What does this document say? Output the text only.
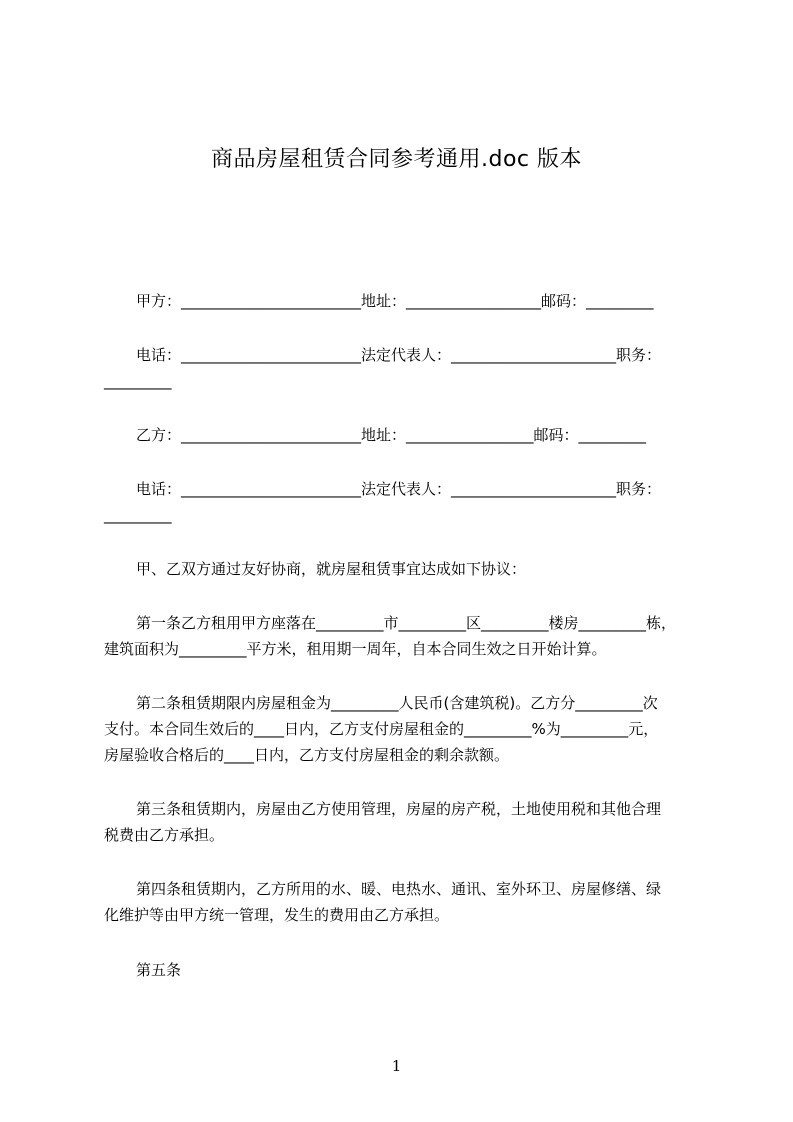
商品房屋租赁合同参考通用.doc 版本
甲方：________________________地址：__________________邮码：_________
电话：________________________法定代表人：______________________职务：
_________
乙方：________________________地址：_________________邮码：_________
电话：________________________法定代表人：______________________职务：
_________
甲、乙双方通过友好协商，就房屋租赁事宜达成如下协议：
第一条乙方租用甲方座落在_________市_________区_________楼房_________栋，
建筑面积为_________平方米，租用期一周年，自本合同生效之日开始计算。
第二条租赁期限内房屋租金为_________人民币(含建筑税)。乙方分_________次
支付。本合同生效后的____日内，乙方支付房屋租金的_________%为_________元，
房屋验收合格后的____日内，乙方支付房屋租金的剩余款额。
第三条租赁期内，房屋由乙方使用管理，房屋的房产税，土地使用税和其他合理
税费由乙方承担。
第四条租赁期内，乙方所用的水、暖、电热水、通讯、室外环卫、房屋修缮、绿
化维护等由甲方统一管理，发生的费用由乙方承担。
第五条
1
